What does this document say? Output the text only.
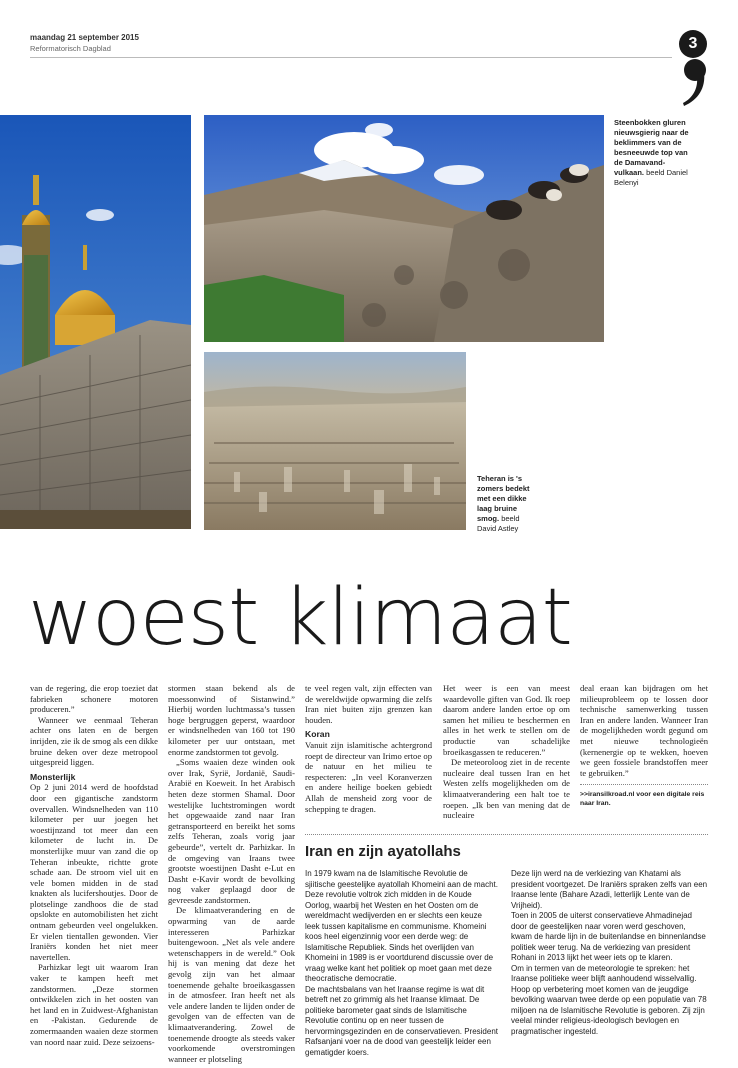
maandag 21 september 2015
Reformatorisch Dagblad	3
Steenbokken gluren nieuwsgierig naar de beklimmers van de besneeuwde top van de Damavand-vulkaan. beeld Daniel Belenyi
Teheran is 's zomers bedekt met een dikke laag bruine smog. beeld David Astley
woest klimaat

van de regering, die erop toeziet dat fabrieken schonere motoren produceren.”

Wanneer we eenmaal Teheran achter ons laten en de bergen inrijden, zie ik de smog als een dikke bruine deken over deze metropool uitgespreid liggen.

Monsterlijk

Op 2 juni 2014 werd de hoofdstad door een gigantische zandstorm overvallen. Windsnelheden van 110 kilometer per uur joegen het woestijnzand tot meer dan een kilometer de lucht in. De monsterlijke muur van zand die op Teheran inbeukte, richtte grote schade aan. De stroom viel uit en vele bomen midden in de stad knakten als lucifershoutjes. Door de plotselinge zandhoos die de stad opslokte en automobilisten het zicht ontnam gebeurden veel ongelukken. Er vielen tientallen gewonden. Vier Iraniërs konden het niet meer navertellen.

Parhizkar legt uit waarom Iran vaker te kampen heeft met zandstormen. „Deze stormen ontwikkelen zich in het oosten van het land en in Zuidwest-Afghanistan en -Pakistan. Gedurende de zomermaanden waaien deze stormen van noord naar zuid. Deze seizoens-

stormen staan bekend als de moessonwind of Sistanwind.” Hierbij worden luchtmassa’s tussen hoge bergruggen geperst, waardoor er windsnelheden van 160 tot 190 kilometer per uur ontstaan, met enorme zandstormen tot gevolg.

„Soms waaien deze winden ook over Irak, Syrië, Jordanië, Saudi-Arabië en Koeweit. In het Arabisch heten deze stormen Shamal. Door westelijke luchtstromingen wordt het opgewaaide zand naar Iran getransporteerd en bereikt het soms zelfs Teheran, zoals vorig jaar gebeurde”, vertelt dr. Parhizkar. In de omgeving van Iraans twee grootste woestijnen Dasht e-Lut en Dasht e-Kavir wordt de bevolking nog vaker geplaagd door de gevreesde zandstormen.

De klimaatverandering en de opwarming van de aarde interesseren Parhizkar buitengewoon. „Net als vele andere wetenschappers in de wereld.” Ook hij is van mening dat deze het gevolg zijn van het almaar toenemende gehalte broeikasgassen in de atmosfeer. Iran heeft net als vele andere landen te lijden onder de gevolgen van de effecten van de klimaatverandering. Zowel de toenemende droogte als steeds vaker voorkomende overstromingen wanneer er plotseling

te veel regen valt, zijn effecten van de wereldwijde opwarming die zelfs Iran niet buiten zijn grenzen kan houden.

Koran

Vanuit zijn islamitische achtergrond roept de directeur van Irimo ertoe op de natuur en het milieu te respecteren: „In veel Koranverzen en andere heilige boeken gebiedt Allah de mensheid zorg voor de schepping te dragen.

Het weer is een van meest waardevolle giften van God. Ik roep daarom andere landen ertoe op om samen het milieu te beschermen en alles in het werk te stellen om de productie van schadelijke broeikasgassen te reduceren.”

De meteoroloog ziet in de recente nucleaire deal tussen Iran en het Westen zelfs mogelijkheden om de klimaatverandering een halt toe te roepen. „Ik ben van mening dat de nucleaire

deal eraan kan bijdragen om het milieuprobleem op te lossen door technische samenwerking tussen Iran en andere landen. Wanneer Iran de mogelijkheden wordt gegund om met nieuwe technologieën (kernenergie op te wekken, hoeven we geen fossiele brandstoffen meer te gebruiken.”

>>iransilkroad.nl voor een digitale reis naar Iran.
Iran en zijn ayatollahs

In 1979 kwam na de Islamitische Revolutie de sjiitische geestelijke ayatollah Khomeini aan de macht. Deze revolutie voltrok zich midden in de Koude Oorlog, waarbij het Westen en het Oosten om de wereldmacht wedijverden en er slechts een keuze leek tussen kapitalisme en communisme. Khomeini koos heel eigenzinnig voor een derde weg: de Islamitische Republiek. Sinds het overlijden van Khomeini in 1989 is er voortdurend discussie over de vraag welke kant het politiek op moet gaan met deze theocratische democratie.

De machtsbalans van het Iraanse regime is wat dit betreft net zo grimmig als het Iraanse klimaat. De politieke barometer gaat sinds de Islamitische Revolutie continu op en neer tussen de hervormingsgezinden en de conservatieven. President Rafsanjani voer na de dood van geestelijk leider een gematigder koers.

Deze lijn werd na de verkiezing van Khatami als president voortgezet. De Iraniërs spraken zelfs van een Iraanse lente (Bahare Azadi, letterlijk Lente van de Vrijheid).

Toen in 2005 de uiterst conservatieve Ahmadinejad door de geestelijken naar voren werd geschoven, kwam de harde lijn in de buitenlandse en binnenlandse politiek weer terug. Na de verkiezing van president Rohani in 2013 lijkt het weer iets op te klaren.

Om in termen van de meteorologie te spreken: het Iraanse politieke weer blijft aanhoudend wisselvallig. Hoop op verbetering moet komen van de jeugdige bevolking waarvan twee derde op een populatie van 78 miljoen na de Islamitische Revolutie is geboren. Zij zijn veelal minder religieus-ideologisch bevlogen en pragmatischer ingesteld.
